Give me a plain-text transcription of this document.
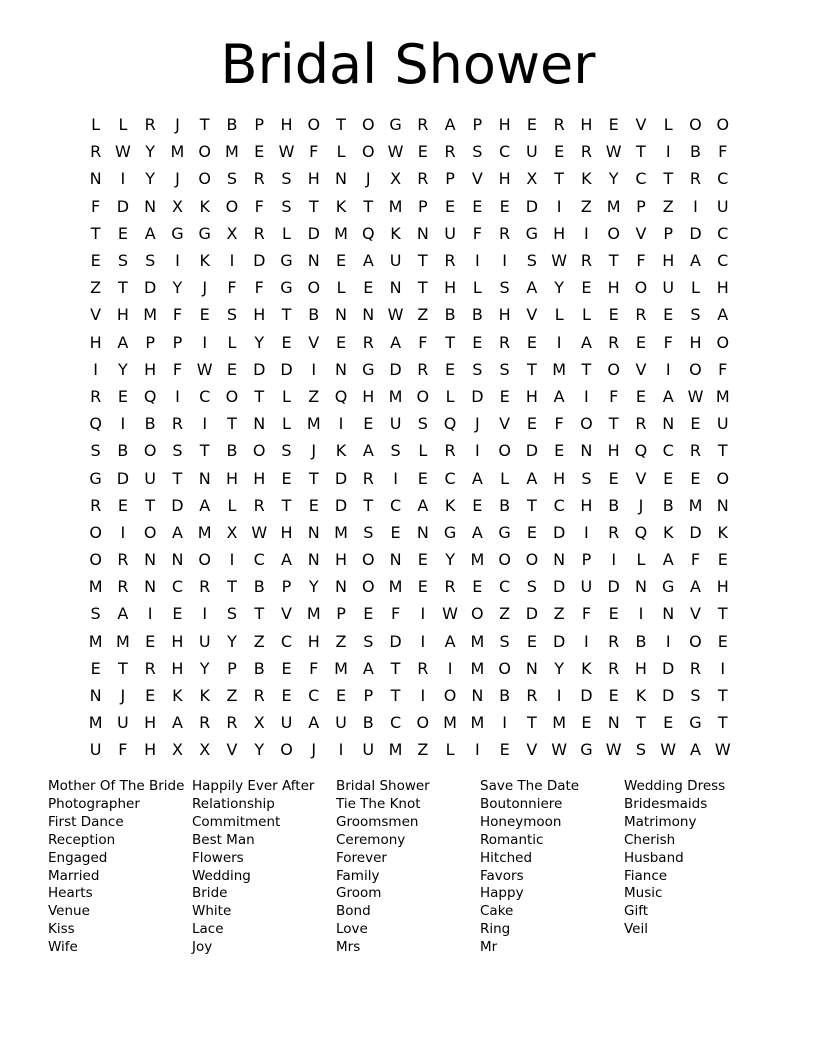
Bridal Shower
L	L	R	J	T	B	P	H O	T	O G R	A	P	H	E	R H	E	V	L	O O
R W Y M O M E W F	L	O W E	R	S	C U	E	R W T	I	B	F
N	I	Y	J	O S	R	S	H N	J	X	R	P	V H X	T	K	Y	C	T	R	C
F	D N X	K O	F	S	T	K	T M P	E	E	E	D	I	Z M P	Z	I	U
T	E	A G G X	R	L	D M Q K	N U	F	R G H	I	O V	P	D C
E	S	S	I	K	I	D G N	E	A U	T	R	I	I	S W R	T	F	H A	C
Z	T	D	Y	J	F	F	G O	L	E	N	T	H	L	S	A	Y	E	H O U	L	H
V H M F	E	S	H	T	B N N W Z	B	B H V	L	L	E	R	E	S	A
H A	P	P	I	L	Y	E	V	E	R	A	F	T	E	R	E	I	A	R	E	F	H O
I	Y	H	F W E	D D	I	N G D R	E	S	S	T M T	O V	I	O	F
R	E Q	I	C O	T	L	Z Q H M O	L	D	E	H A	I	F	E	A W M
Q	I	B	R	I	T	N	L M	I	E	U	S Q	J	V	E	F	O	T	R N	E	U
S	B O S	T	B O S	J	K	A	S	L	R	I	O D	E	N H Q C	R	T
G D U	T	N H H	E	T	D R	I	E	C	A	L	A H	S	E	V	E	E O
R	E	T	D A	L	R	T	E	D	T	C	A	K	E	B	T	C H B	J	B M N
O	I	O A M X W H N M S	E	N G A G	E	D	I	R Q K D K
O R N N O	I	C	A N H O N	E	Y M O O N	P	I	L	A	F	E
M R N C	R	T	B	P	Y	N O M E	R	E	C	S	D U D N G A H
S	A	I	E	I	S	T	V M P	E	F	I	W O Z D Z	F	E	I	N V	T
M M E	H U	Y	Z	C H Z	S	D	I	A M S	E	D	I	R	B	I	O E
E	T	R H	Y	P	B	E	F M A	T	R	I	M O N	Y	K	R H D R	I
N	J	E	K	K	Z	R	E	C	E	P	T	I	O N B	R	I	D	E	K D	S	T
M U H A	R	R	X U A U B	C O M M	I	T M E	N	T	E	G	T
U	F	H X	X	V	Y	O	J	I	U M Z	L	I	E	V W G W S W A W
Mother Of The Bride
Photographer
First Dance
Reception
Engaged
Married
Hearts
Venue
Kiss
Wife
Happily Ever After
Relationship
Commitment
Best Man
Flowers
Wedding
Bride
White
Lace
Joy
Bridal Shower
Tie The Knot
Groomsmen
Ceremony
Forever
Family
Groom
Bond
Love
Mrs
Save The Date
Boutonniere
Honeymoon
Romantic
Hitched
Favors
Happy
Cake
Ring
Mr
Wedding Dress
Bridesmaids
Matrimony
Cherish
Husband
Fiance
Music
Gift
Veil
